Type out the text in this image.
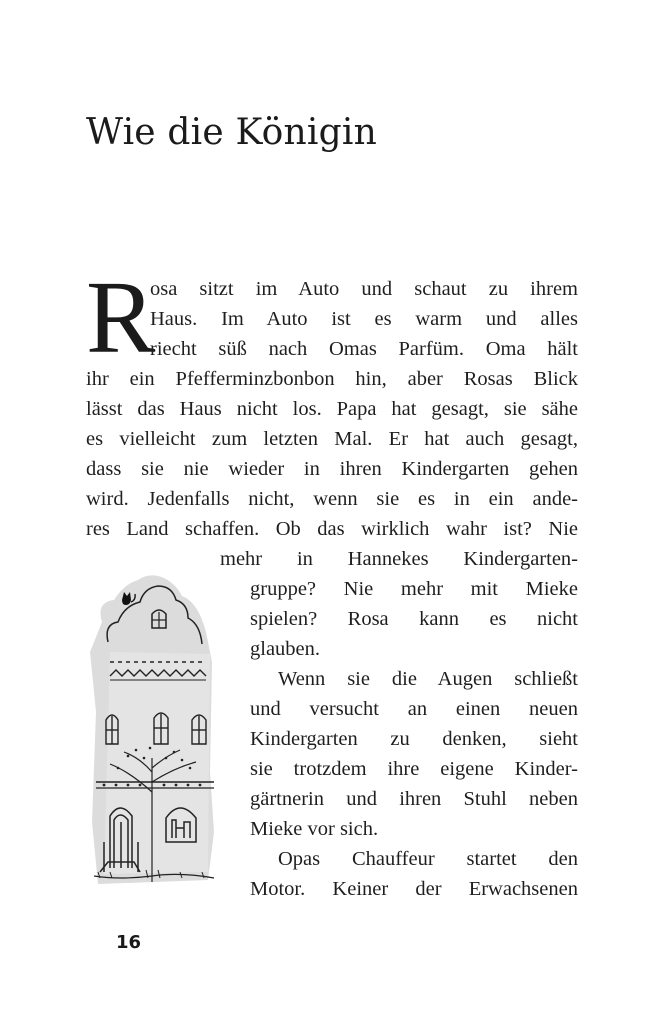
Wie die Königin
R
osa sitzt im Auto und schaut zu ihrem
Haus. Im Auto ist es warm und alles
riecht süß nach Omas Parfüm. Oma hält
ihr ein Pfefferminzbonbon hin, aber Rosas Blick
lässt das Haus nicht los. Papa hat gesagt, sie sähe
es vielleicht zum letzten Mal. Er hat auch gesagt,
dass sie nie wieder in ihren Kindergarten gehen
wird. Jedenfalls nicht, wenn sie es in ein ande-
res Land schaffen. Ob das wirklich wahr ist? Nie
mehr in Hannekes Kindergarten-
gruppe? Nie mehr mit Mieke
spielen? Rosa kann es nicht
glauben.
Wenn sie die Augen schließt
und versucht an einen neuen
Kindergarten zu denken, sieht
sie trotzdem ihre eigene Kinder-
gärtnerin und ihren Stuhl neben
Mieke vor sich.
Opas Chauffeur startet den
Motor. Keiner der Erwachsenen
16
